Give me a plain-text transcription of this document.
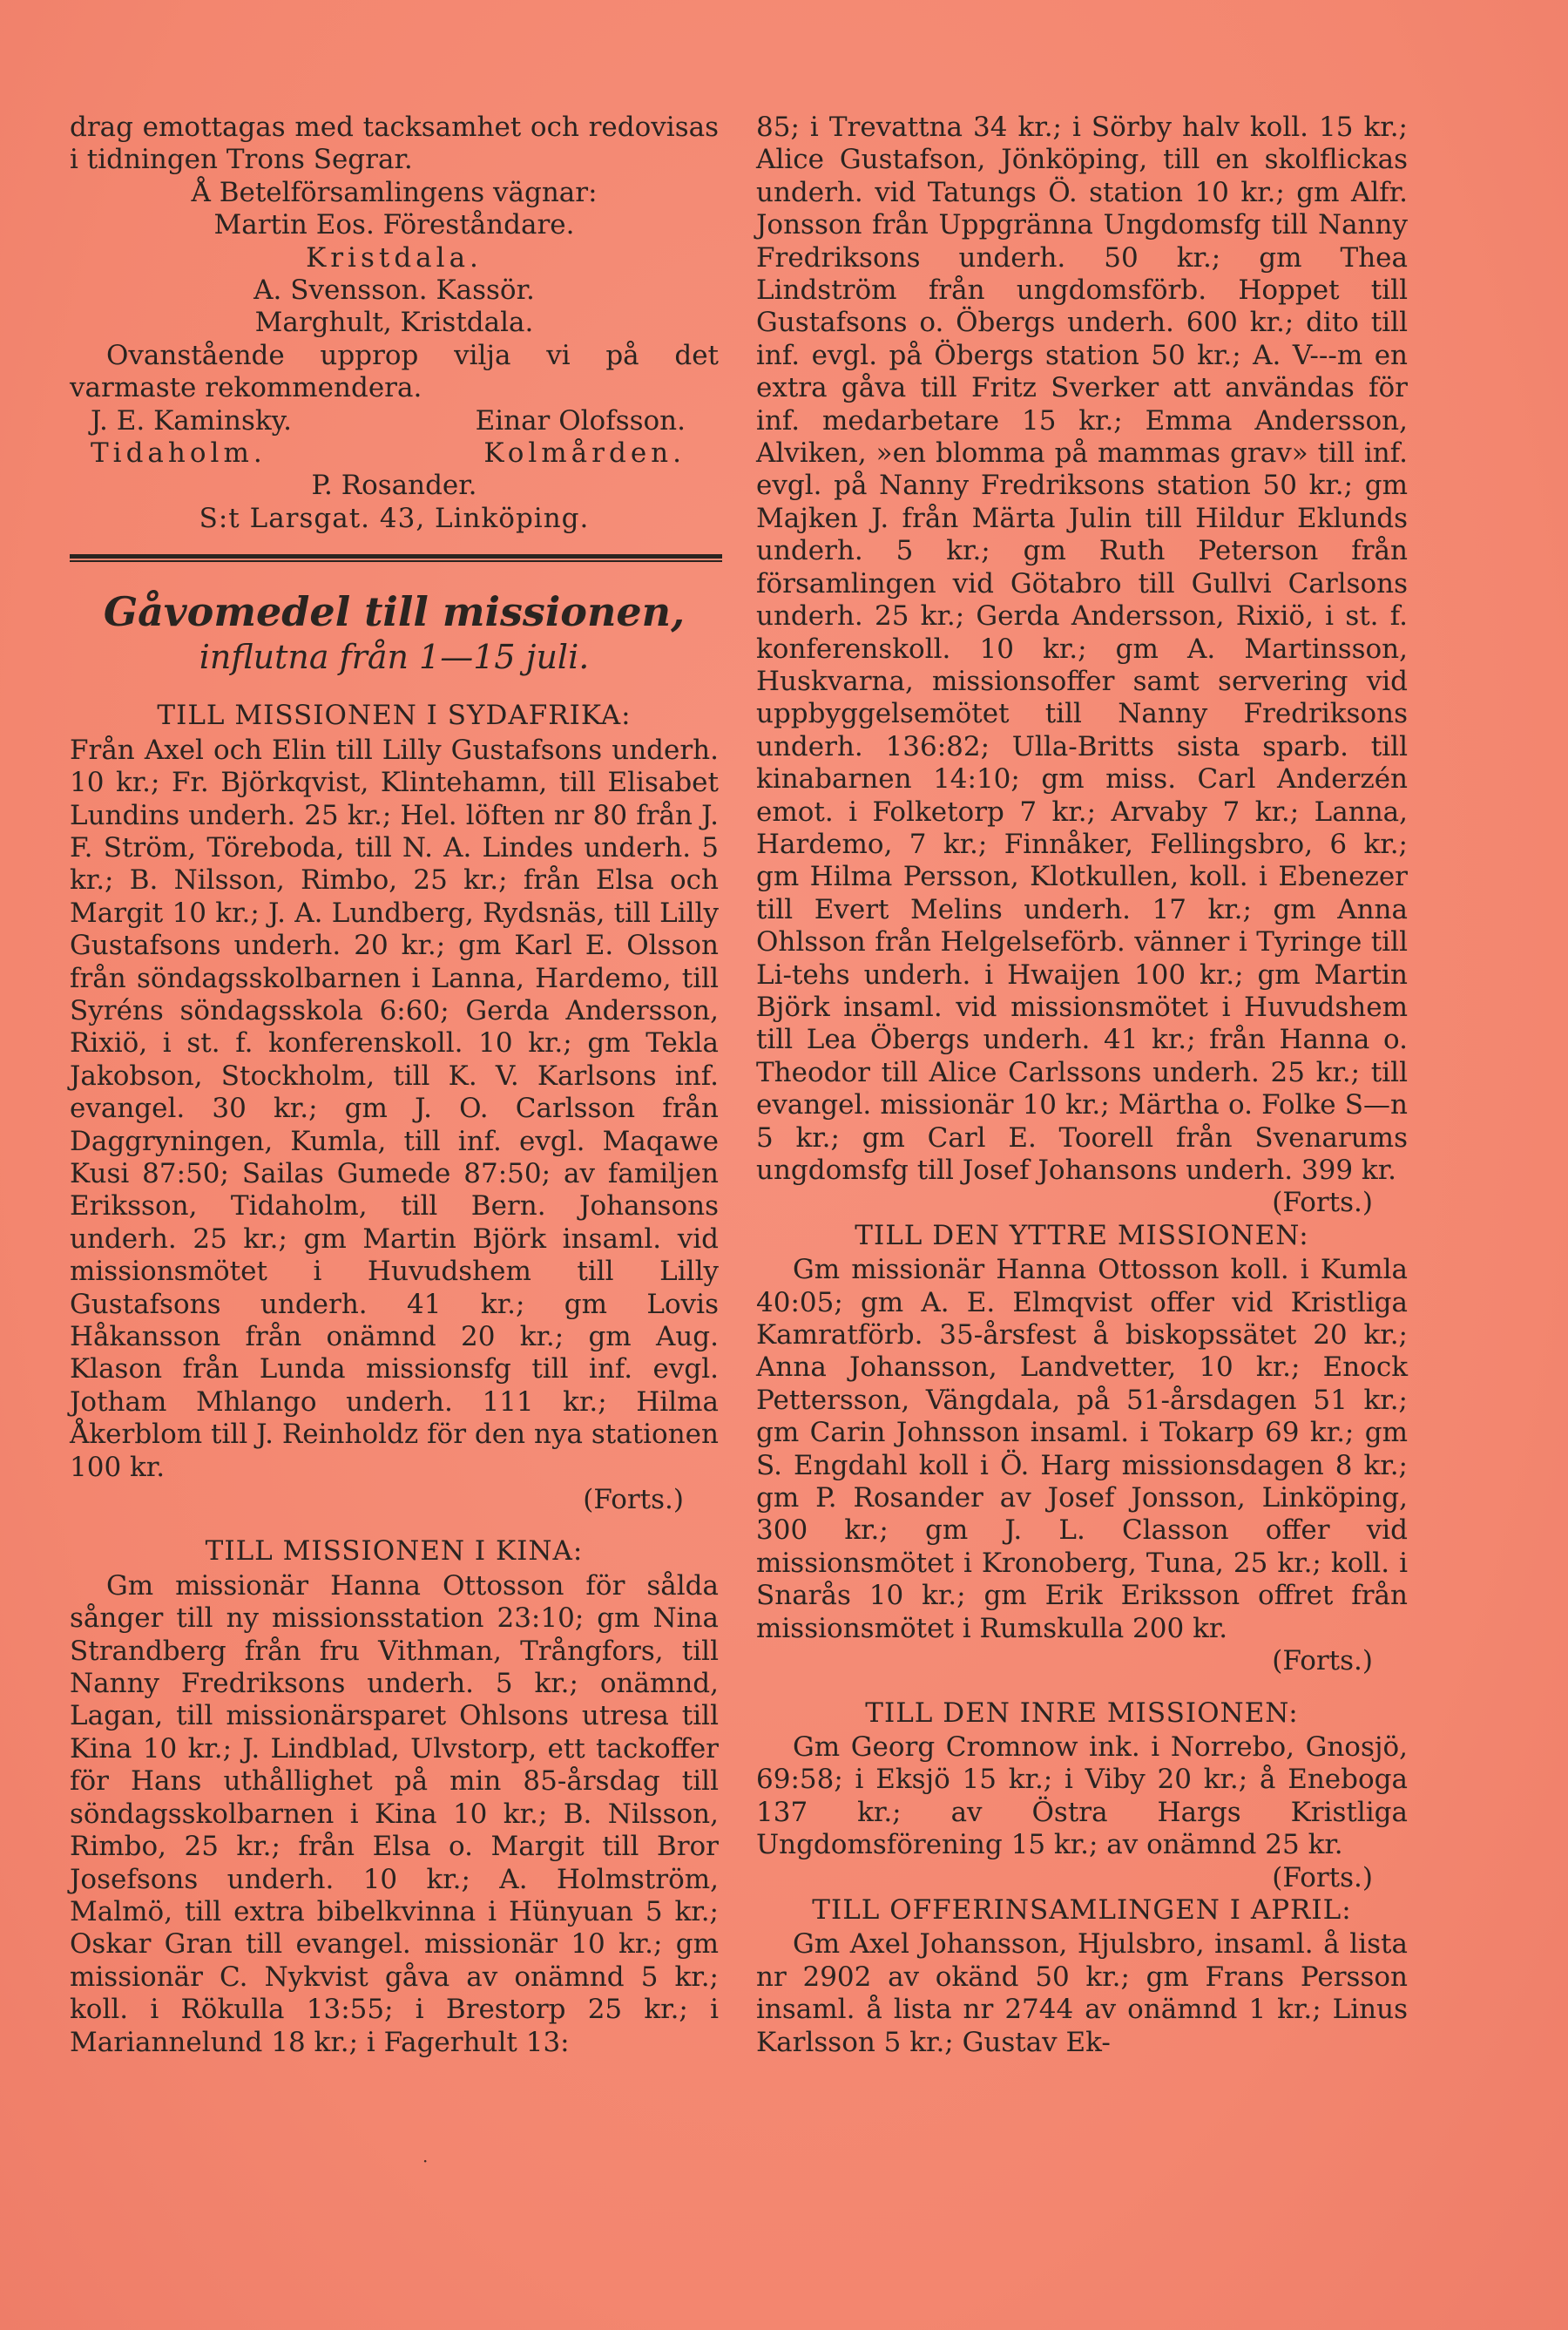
drag emottagas med tacksamhet och redovisas i tidningen Trons Segrar.

Å Betelförsamlingens vägnar:

Martin Eos. Föreståndare.

Kristdala.

A. Svensson. Kassör.

Marghult, Kristdala.

Ovanstående upprop vilja vi på det varmaste rekommendera.

J. E. Kaminsky.	Einar Olofsson.
Tidaholm.	Kolmården.

P. Rosander.

S:t Larsgat. 43, Linköping.

Gåvomedel till missionen,
influtna från 1—15 juli.
TILL MISSIONEN I SYDAFRIKA:

Från Axel och Elin till Lilly Gustafsons underh. 10 kr.; Fr. Björkqvist, Klintehamn, till Elisabet Lundins underh. 25 kr.; Hel. löften nr 80 från J. F. Ström, Töreboda, till N. A. Lindes underh. 5 kr.; B. Nilsson, Rimbo, 25 kr.; från Elsa och Margit 10 kr.; J. A. Lundberg, Rydsnäs, till Lilly Gustafsons underh. 20 kr.; gm Karl E. Olsson från söndagsskolbarnen i Lanna, Hardemo, till Syréns söndagsskola 6:60; Gerda Andersson, Rixiö, i st. f. konferenskoll. 10 kr.; gm Tekla Jakobson, Stockholm, till K. V. Karlsons inf. evangel. 30 kr.; gm J. O. Carlsson från Daggryningen, Kumla, till inf. evgl. Maqawe Kusi 87:50; Sailas Gumede 87:50; av familjen Eriksson, Tidaholm, till Bern. Johansons underh. 25 kr.; gm Martin Björk insaml. vid missionsmötet i Huvudshem till Lilly Gustafsons underh. 41 kr.; gm Lovis Håkansson från onämnd 20 kr.; gm Aug. Klason från Lunda missionsfg till inf. evgl. Jotham Mhlango underh. 111 kr.; Hilma Åkerblom till J. Reinholdz för den nya stationen 100 kr.
(Forts.)

TILL MISSIONEN I KINA:

Gm missionär Hanna Ottosson för sålda sånger till ny missionsstation 23:10; gm Nina Strandberg från fru Vithman, Trångfors, till Nanny Fredriksons underh. 5 kr.; onämnd, Lagan, till missionärsparet Ohlsons utresa till Kina 10 kr.; J. Lindblad, Ulvstorp, ett tackoffer för Hans uthållighet på min 85-årsdag till söndagsskolbarnen i Kina 10 kr.; B. Nilsson, Rimbo, 25 kr.; från Elsa o. Margit till Bror Josefsons underh. 10 kr.; A. Holmström, Malmö, till extra bibelkvinna i Hünyuan 5 kr.; Oskar Gran till evangel. missionär 10 kr.; gm missionär C. Nykvist gåva av onämnd 5 kr.; koll. i Rökulla 13:55; i Brestorp 25 kr.; i Mariannelund 18 kr.; i Fagerhult 13:

85; i Trevattna 34 kr.; i Sörby halv koll. 15 kr.; Alice Gustafson, Jönköping, till en skolflickas underh. vid Tatungs Ö. station 10 kr.; gm Alfr. Jonsson från Uppgränna Ungdomsfg till Nanny Fredriksons underh. 50 kr.; gm Thea Lindström från ungdomsförb. Hoppet till Gustafsons o. Öbergs underh. 600 kr.; dito till inf. evgl. på Öbergs station 50 kr.; A. V---m en extra gåva till Fritz Sverker att användas för inf. medarbetare 15 kr.; Emma Andersson, Alviken, »en blomma på mammas grav» till inf. evgl. på Nanny Fredriksons station 50 kr.; gm Majken J. från Märta Julin till Hildur Eklunds underh. 5 kr.; gm Ruth Peterson från församlingen vid Götabro till Gullvi Carlsons underh. 25 kr.; Gerda Andersson, Rixiö, i st. f. konferenskoll. 10 kr.; gm A. Martinsson, Huskvarna, missionsoffer samt servering vid uppbyggelsemötet till Nanny Fredriksons underh. 136:82; Ulla-Britts sista sparb. till kinabarnen 14:10; gm miss. Carl Anderzén emot. i Folketorp 7 kr.; Arvaby 7 kr.; Lanna, Hardemo, 7 kr.; Finnåker, Fellingsbro, 6 kr.; gm Hilma Persson, Klotkullen, koll. i Ebenezer till Evert Melins underh. 17 kr.; gm Anna Ohlsson från Helgelseförb. vänner i Tyringe till Li-tehs underh. i Hwaijen 100 kr.; gm Martin Björk insaml. vid missionsmötet i Huvudshem till Lea Öbergs underh. 41 kr.; från Hanna o. Theodor till Alice Carlssons underh. 25 kr.; till evangel. missionär 10 kr.; Märtha o. Folke S—n 5 kr.; gm Carl E. Toorell från Svenarums ungdomsfg till Josef Johansons underh. 399 kr.
(Forts.)

TILL DEN YTTRE MISSIONEN:

Gm missionär Hanna Ottosson koll. i Kumla 40:05; gm A. E. Elmqvist offer vid Kristliga Kamratförb. 35-årsfest å biskopssätet 20 kr.; Anna Johansson, Landvetter, 10 kr.; Enock Pettersson, Vängdala, på 51-årsdagen 51 kr.; gm Carin Johnsson insaml. i Tokarp 69 kr.; gm S. Engdahl koll i Ö. Harg missionsdagen 8 kr.; gm P. Rosander av Josef Jonsson, Linköping, 300 kr.; gm J. L. Classon offer vid missionsmötet i Kronoberg, Tuna, 25 kr.; koll. i Snarås 10 kr.; gm Erik Eriksson offret från missionsmötet i Rumskulla 200 kr.
(Forts.)

TILL DEN INRE MISSIONEN:

Gm Georg Cromnow ink. i Norrebo, Gnosjö, 69:58; i Eksjö 15 kr.; i Viby 20 kr.; å Eneboga 137 kr.; av Östra Hargs Kristliga Ungdomsförening 15 kr.; av onämnd 25 kr.
(Forts.)

TILL OFFERINSAMLINGEN I APRIL:

Gm Axel Johansson, Hjulsbro, insaml. å lista nr 2902 av okänd 50 kr.; gm Frans Persson insaml. å lista nr 2744 av onämnd 1 kr.; Linus Karlsson 5 kr.; Gustav Ek-

·
